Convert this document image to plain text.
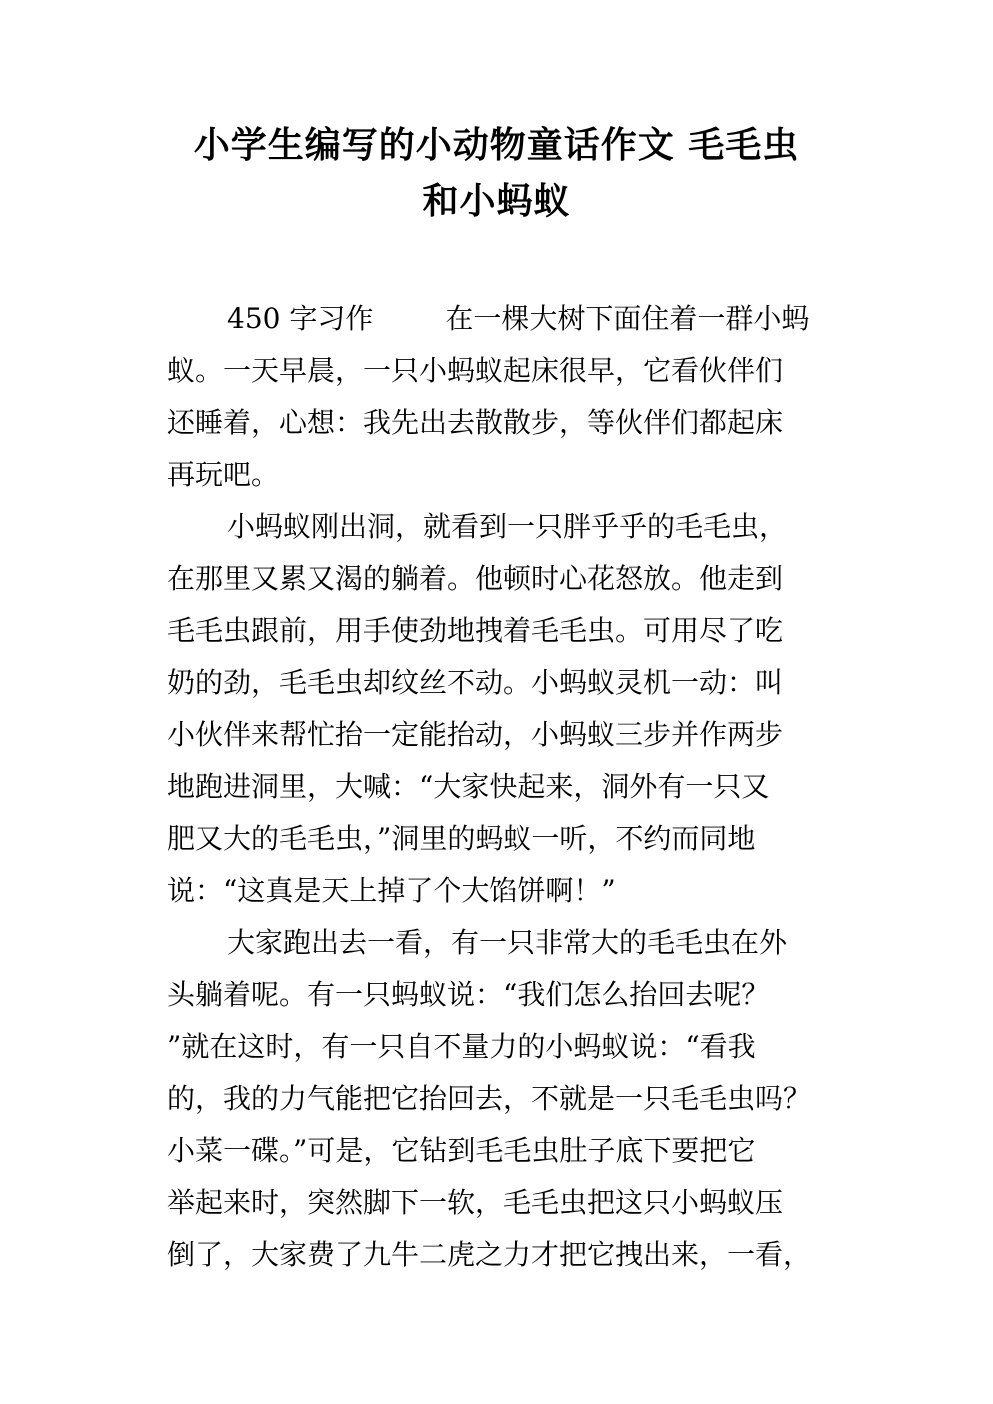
小学生编写的小动物童话作文 毛毛虫
和小蚂蚁
450 字习作	在一棵大树下面住着一群小蚂
蚁。一天早晨，一只小蚂蚁起床很早，它看伙伴们
还睡着，心想：我先出去散散步，等伙伴们都起床
再玩吧。
小蚂蚁刚出洞，就看到一只胖乎乎的毛毛虫，
在那里又累又渴的躺着。他顿时心花怒放。他走到
毛毛虫跟前，用手使劲地拽着毛毛虫。可用尽了吃
奶的劲，毛毛虫却纹丝不动。小蚂蚁灵机一动：叫
小伙伴来帮忙抬一定能抬动，小蚂蚁三步并作两步
地跑进洞里，大喊：“大家快起来，洞外有一只又
肥又大的毛毛虫，”洞里的蚂蚁一听，不约而同地
说：“这真是天上掉了个大馅饼啊！”
大家跑出去一看，有一只非常大的毛毛虫在外
头躺着呢。有一只蚂蚁说：“我们怎么抬回去呢？
”就在这时，有一只自不量力的小蚂蚁说：“看我
的，我的力气能把它抬回去，不就是一只毛毛虫吗？
小菜一碟。”可是，它钻到毛毛虫肚子底下要把它
举起来时，突然脚下一软，毛毛虫把这只小蚂蚁压
倒了，大家费了九牛二虎之力才把它拽出来，一看，
